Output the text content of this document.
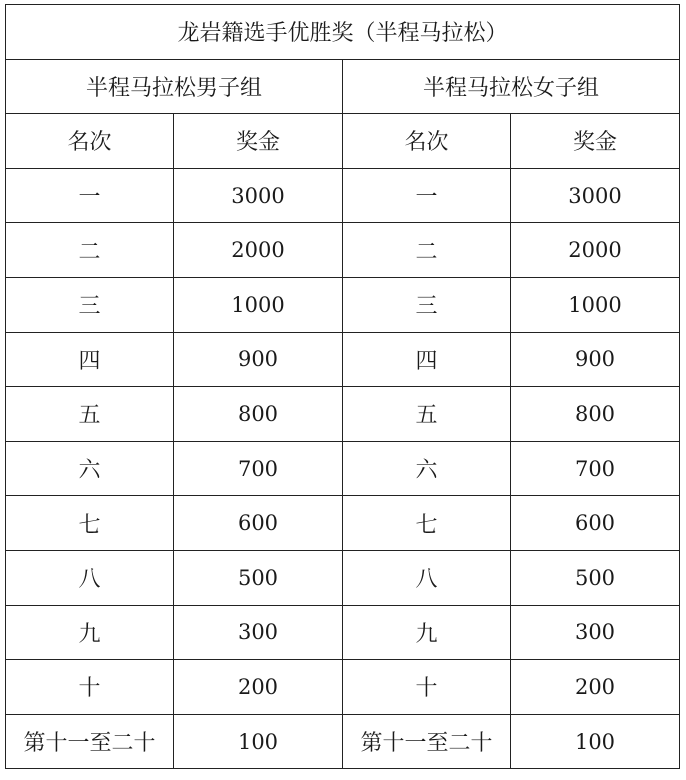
龙岩籍选手优胜奖（半程马拉松）			
半程马拉松男子组		半程马拉松女子组	
名次	奖金	名次	奖金
一	3000	一	3000
二	2000	二	2000
三	1000	三	1000
四	900	四	900
五	800	五	800
六	700	六	700
七	600	七	600
八	500	八	500
九	300	九	300
十	200	十	200
第十一至二十	100	第十一至二十	100
